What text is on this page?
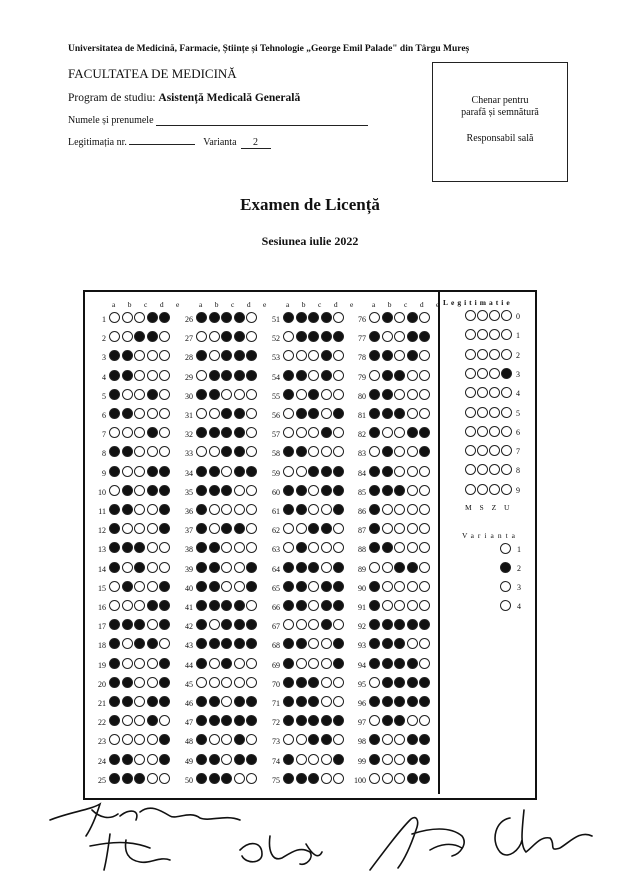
Universitatea de Medicină, Farmacie, Științe și Tehnologie „George Emil Palade" din Târgu Mureș
FACULTATEA DE MEDICINĂ
Program de studiu: Asistență Medicală Generală
Numele și prenumele
Legitimația nr.	Varianta 2
Chenar pentru
parafă și semnătură
Responsabil sală
Examen de Licență
Sesiunea iulie 2022
a b c d e a b c d e a b c d e a b c d e
1
2
3
4
5
6
7
8
9
10
11
12
13
14
15
16
17
18
19
20
21
22
23
24
25
26
27
28
29
30
31
32
33
34
35
36
37
38
39
40
41
42
43
44
45
46
47
48
49
50
51
52
53
54
55
56
57
58
59
60
61
62
63
64
65
66
67
68
69
70
71
72
73
74
75
76
77
78
79
80
81
82
83
84
85
86
87
88
89
90
91
92
93
94
95
96
97
98
99
100
Legitimatie
M S Z U
Varianta
0
1
2
3
4
5
6
7
8
9
1
2
3
4
